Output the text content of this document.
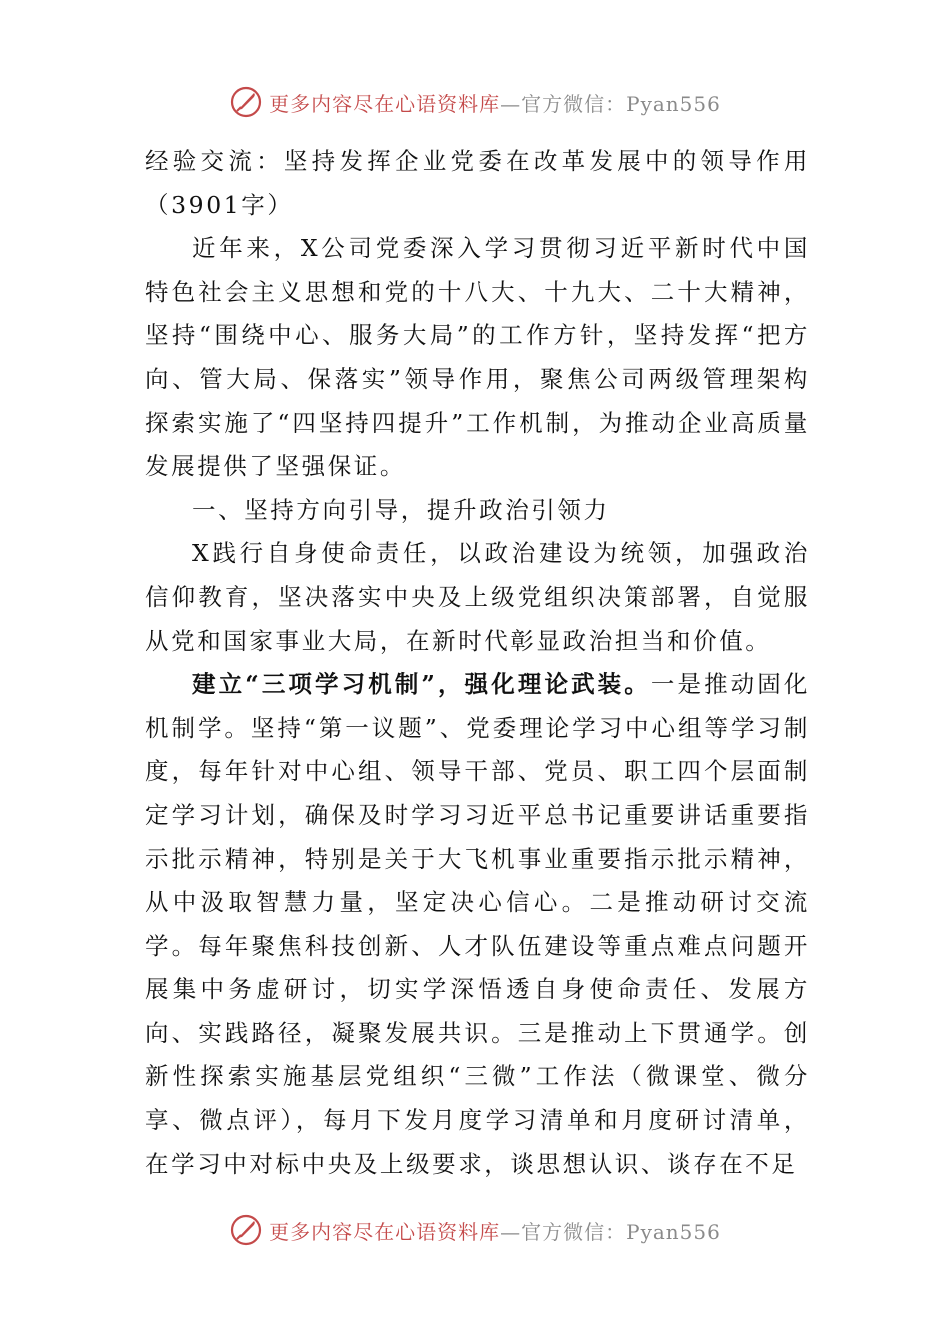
更多内容尽在心语资料库—官方微信：Pyan556

经验交流：坚持发挥企业党委在改革发展中的领导作用（3901字）

近年来，X公司党委深入学习贯彻习近平新时代中国特色社会主义思想和党的十八大、十九大、二十大精神，坚持“围绕中心、服务大局”的工作方针，坚持发挥“把方向、管大局、保落实”领导作用，聚焦公司两级管理架构探索实施了“四坚持四提升”工作机制，为推动企业高质量发展提供了坚强保证。

一、坚持方向引导，提升政治引领力

X践行自身使命责任，以政治建设为统领，加强政治信仰教育，坚决落实中央及上级党组织决策部署，自觉服从党和国家事业大局，在新时代彰显政治担当和价值。

建立“三项学习机制”，强化理论武装。一是推动固化机制学。坚持“第一议题”、党委理论学习中心组等学习制度，每年针对中心组、领导干部、党员、职工四个层面制定学习计划，确保及时学习习近平总书记重要讲话重要指示批示精神，特别是关于大飞机事业重要指示批示精神，从中汲取智慧力量，坚定决心信心。二是推动研讨交流学。每年聚焦科技创新、人才队伍建设等重点难点问题开展集中务虚研讨，切实学深悟透自身使命责任、发展方向、实践路径，凝聚发展共识。三是推动上下贯通学。创新性探索实施基层党组织“三微”工作法（微课堂、微分享、微点评），每月下发月度学习清单和月度研讨清单，在学习中对标中央及上级要求，谈思想认识、谈存在不足

更多内容尽在心语资料库—官方微信：Pyan556
